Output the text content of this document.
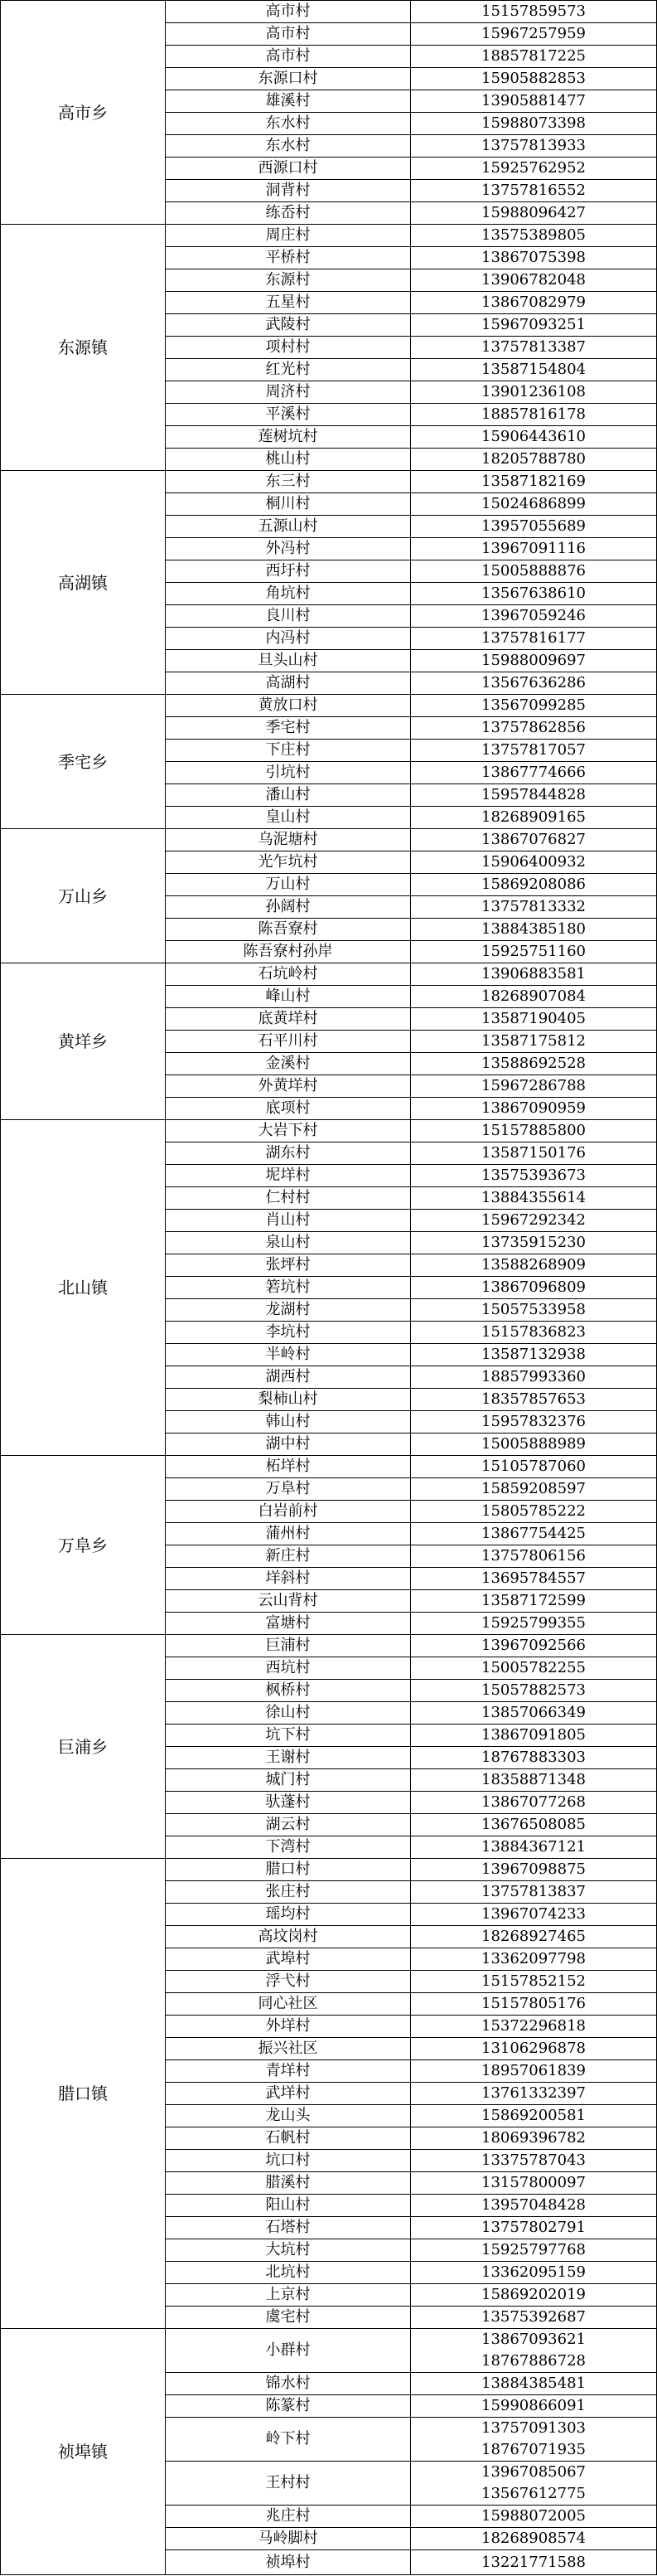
高市乡	高市村	15157859573

	高市村	15967257959

	高市村	18857817225

	东源口村	15905882853

	雄溪村	13905881477

	东水村	15988073398

	东水村	13757813933

	西源口村	15925762952

	洞背村	13757816552

	练岙村	15988096427

东源镇	周庄村	13575389805

	平桥村	13867075398

	东源村	13906782048

	五星村	13867082979

	武陵村	15967093251

	项村村	13757813387

	红光村	13587154804

	周济村	13901236108

	平溪村	18857816178

	莲树坑村	15906443610

	桃山村	18205788780

高湖镇	东三村	13587182169

	桐川村	15024686899

	五源山村	13957055689

	外冯村	13967091116

	西圩村	15005888876

	角坑村	13567638610

	良川村	13967059246

	内冯村	13757816177

	旦头山村	15988009697

	高湖村	13567636286

季宅乡	黄放口村	13567099285

	季宅村	13757862856

	下庄村	13757817057

	引坑村	13867774666

	潘山村	15957844828

	皇山村	18268909165

万山乡	乌泥塘村	13867076827

	光乍坑村	15906400932

	万山村	15869208086

	孙阔村	13757813332

	陈吾寮村	13884385180

	陈吾寮村孙岸	15925751160

黄垟乡	石坑岭村	13906883581

	峰山村	18268907084

	底黄垟村	13587190405

	石平川村	13587175812

	金溪村	13588692528

	外黄垟村	15967286788

	底项村	13867090959

北山镇	大岩下村	15157885800

	湖东村	13587150176

	坭垟村	13575393673

	仁村村	13884355614

	肖山村	15967292342

	泉山村	13735915230

	张坪村	13588268909

	箬坑村	13867096809

	龙湖村	15057533958

	李坑村	15157836823

	半岭村	13587132938

	湖西村	18857993360

	梨柿山村	18357857653

	韩山村	15957832376

	湖中村	15005888989

万阜乡	柘垟村	15105787060

	万阜村	15859208597

	白岩前村	15805785222

	蒲州村	13867754425

	新庄村	13757806156

	垟斜村	13695784557

	云山背村	13587172599

	富塘村	15925799355

巨浦乡	巨浦村	13967092566

	西坑村	15005782255

	枫桥村	15057882573

	徐山村	13857066349

	坑下村	13867091805

	王谢村	18767883303

	城门村	18358871348

	驮蓬村	13867077268

	湖云村	13676508085

	下湾村	13884367121

腊口镇	腊口村	13967098875

	张庄村	13757813837

	瑶均村	13967074233

	高坟岗村	18268927465

	武埠村	13362097798

	浮弋村	15157852152

	同心社区	15157805176

	外垟村	15372296818

	振兴社区	13106296878

	青垟村	18957061839

	武垟村	13761332397

	龙山头	15869200581

	石帆村	18069396782

	坑口村	13375787043

	腊溪村	13157800097

	阳山村	13957048428

	石塔村	13757802791

	大坑村	15925797768

	北坑村	13362095159

	上京村	15869202019

	虞宅村	13575392687

祯埠镇	小群村	13867093621
18767886728

	锦水村	13884385481

	陈篆村	15990866091

	岭下村	13757091303
18767071935

	王村村	13967085067
13567612775

	兆庄村	15988072005

	马岭脚村	18268908574

	祯埠村	13221771588
